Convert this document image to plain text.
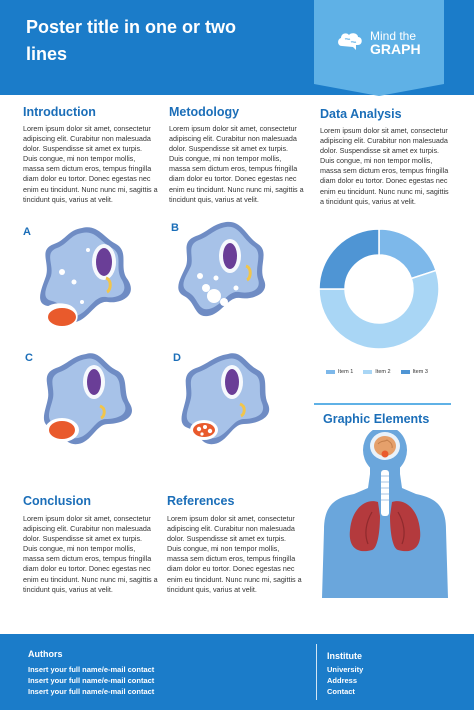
Poster title in one or two lines
Mind the
GRAPH
Introduction
Lorem ipsum dolor sit amet, consectetur adipiscing elit. Curabitur non malesuada dolor. Suspendisse sit amet ex turpis. Duis congue, mi non tempor mollis, massa sem dictum eros, tempus fringilla diam dolor eu tortor. Donec egestas nec enim eu tincidunt. Nunc nunc mi, sagittis a tincidunt quis, varius at velit.
Metodology
Lorem ipsum dolor sit amet, consectetur adipiscing elit. Curabitur non malesuada dolor. Suspendisse sit amet ex turpis. Duis congue, mi non tempor mollis, massa sem dictum eros, tempus fringilla diam dolor eu tortor. Donec egestas nec enim eu tincidunt. Nunc nunc mi, sagittis a tincidunt quis, varius at velit.
Data Analysis
Lorem ipsum dolor sit amet, consectetur adipiscing elit. Curabitur non malesuada dolor. Suspendisse sit amet ex turpis. Duis congue, mi non tempor mollis, massa sem dictum eros, tempus fringilla diam dolor eu tortor. Donec egestas nec enim eu tincidunt. Nunc nunc mi, sagittis a tincidunt quis, varius at velit.
A	B
C	D
Item 1	Item 2	Item 3
Graphic Elements
Conclusion
Lorem ipsum dolor sit amet, consectetur adipiscing elit. Curabitur non malesuada dolor. Suspendisse sit amet ex turpis. Duis congue, mi non tempor mollis, massa sem dictum eros, tempus fringilla diam dolor eu tortor. Donec egestas nec enim eu tincidunt. Nunc nunc mi, sagittis a tincidunt quis, varius at velit.
References
Lorem ipsum dolor sit amet, consectetur adipiscing elit. Curabitur non malesuada dolor. Suspendisse sit amet ex turpis. Duis congue, mi non tempor mollis, massa sem dictum eros, tempus fringilla diam dolor eu tortor. Donec egestas nec enim eu tincidunt. Nunc nunc mi, sagittis a tincidunt quis, varius at velit.
Authors
Insert your full name/e-mail contact
Insert your full name/e-mail contact
Insert your full name/e-mail contact
Institute
University
Address
Contact
